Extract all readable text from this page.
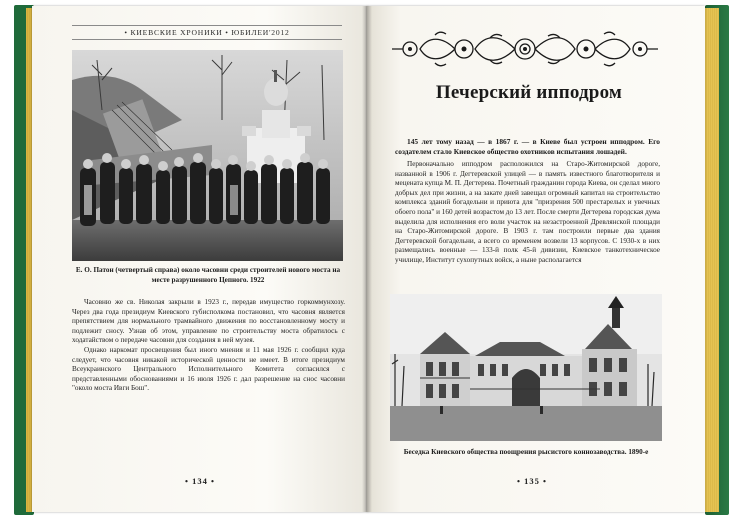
• КИЕВСКИЕ ХРОНИКИ • ЮБИЛЕИ'2012
Е. О. Патон (четвертый справа) около часовни среди строителей нового моста на месте разрушенного Цепного. 1922

Часовню же св. Николая закрыли в 1923 г., передав имущество горкоммунхозу. Через два года президиум Киевского губисполкома постановил, что часовня является препятствием для нормального трамвайного движения по восстановленному мосту и подлежит сносу. Узнав об этом, управление по строительству моста обратилось с ходатайством о передаче часовни для создания в ней музея.

Однако наркомат просвещения был иного мнения и 11 мая 1926 г. сообщил куда следует, что часовня никакой исторической ценности не имеет. В итоге президиум Всеукраинского Центрального Исполнительного Комитета согласился с представленными обоснованиями и 16 июля 1926 г. дал разрешение на снос часовни "около моста Ивги Бош".

• 134 •
Печерский ипподром

145 лет тому назад — в 1867 г. — в Киеве был устроен ипподром. Его создателем стало Киевское общество охотников испытания лошадей.

Первоначально ипподром расположился на Старо-Житомирской дороге, названной в 1906 г. Дегтеревской улицей — в память известного благотворителя и мецената купца М. П. Дегтерева. Почетный гражданин города Киева, он сделал много добрых дел при жизни, а на закате дней завещал огромный капитал на строительство комплекса зданий богадельни и приюта для "призрения 500 престарелых и увечных обоего пола" и 160 детей возрастом до 13 лет. После смерти Дегтерева городская дума выделила для исполнения его воли участок на незастроенной Древлянской площади на Старо-Житомирской дороге. В 1903 г. там построили первые два здания Дегтеревской богадельни, а всего со временем возвели 13 корпусов. С 1930-х в них размещались военные — 133-й полк 45-й дивизии, Киевское танкотехническое училище, Институт сухопутных войск, а ныне располагается

Беседка Киевского общества поощрения рысистого коннозаводства. 1890-е
• 135 •
